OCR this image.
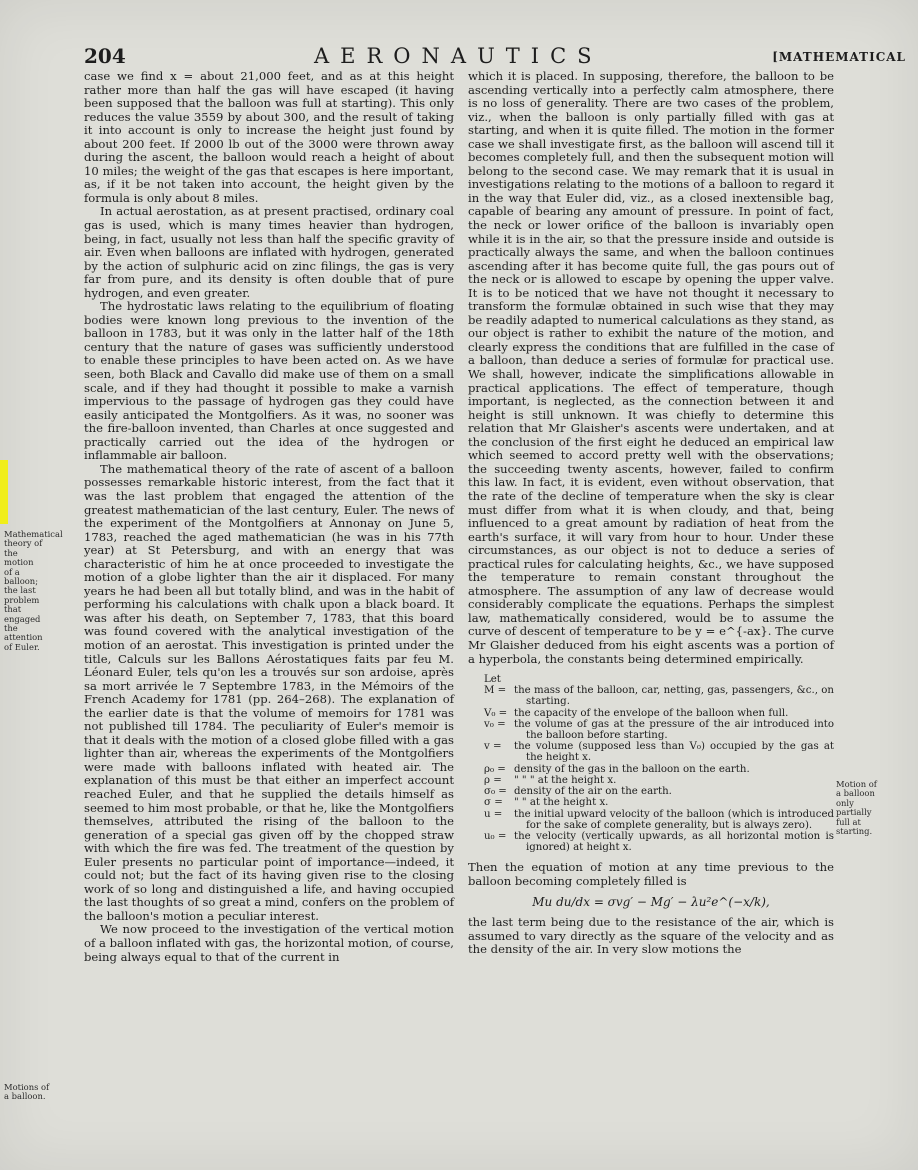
204	AERONAUTICS	[MATHEMATICAL
Mathematical theory of the motion of a balloon; the last problem that engaged the attention of Euler.
Motions of a balloon.
Motion of a balloon only partially full at starting.

case we find x = about 21,000 feet, and as at this height rather more than half the gas will have escaped (it having been supposed that the balloon was full at starting). This only reduces the value 3559 by about 300, and the result of taking it into account is only to increase the height just found by about 200 feet. If 2000 lb out of the 3000 were thrown away during the ascent, the balloon would reach a height of about 10 miles; the weight of the gas that escapes is here important, as, if it be not taken into account, the height given by the formula is only about 8 miles.

In actual aerostation, as at present practised, ordinary coal gas is used, which is many times heavier than hydrogen, being, in fact, usually not less than half the specific gravity of air. Even when balloons are inflated with hydrogen, generated by the action of sulphuric acid on zinc filings, the gas is very far from pure, and its density is often double that of pure hydrogen, and even greater.

The hydrostatic laws relating to the equilibrium of floating bodies were known long previous to the invention of the balloon in 1783, but it was only in the latter half of the 18th century that the nature of gases was sufficiently understood to enable these principles to have been acted on. As we have seen, both Black and Cavallo did make use of them on a small scale, and if they had thought it possible to make a varnish impervious to the passage of hydrogen gas they could have easily anticipated the Montgolfiers. As it was, no sooner was the fire-balloon invented, than Charles at once suggested and practically carried out the idea of the hydrogen or inflammable air balloon.

The mathematical theory of the rate of ascent of a balloon possesses remarkable historic interest, from the fact that it was the last problem that engaged the attention of the greatest mathematician of the last century, Euler. The news of the experiment of the Montgolfiers at Annonay on June 5, 1783, reached the aged mathematician (he was in his 77th year) at St Petersburg, and with an energy that was characteristic of him he at once proceeded to investigate the motion of a globe lighter than the air it displaced. For many years he had been all but totally blind, and was in the habit of performing his calculations with chalk upon a black board. It was after his death, on September 7, 1783, that this board was found covered with the analytical investigation of the motion of an aerostat. This investigation is printed under the title, Calculs sur les Ballons Aérostatiques faits par feu M. Léonard Euler, tels qu'on les a trouvés sur son ardoise, après sa mort arrivée le 7 Septembre 1783, in the Mémoirs of the French Academy for 1781 (pp. 264–268). The explanation of the earlier date is that the volume of memoirs for 1781 was not published till 1784. The peculiarity of Euler's memoir is that it deals with the motion of a closed globe filled with a gas lighter than air, whereas the experiments of the Montgolfiers were made with balloons inflated with heated air. The explanation of this must be that either an imperfect account reached Euler, and that he supplied the details himself as seemed to him most probable, or that he, like the Montgolfiers themselves, attributed the rising of the balloon to the generation of a special gas given off by the chopped straw with which the fire was fed. The treatment of the question by Euler presents no particular point of importance—indeed, it could not; but the fact of its having given rise to the closing work of so long and distinguished a life, and having occupied the last thoughts of so great a mind, confers on the problem of the balloon's motion a peculiar interest.

We now proceed to the investigation of the vertical motion of a balloon inflated with gas, the horizontal motion, of course, being always equal to that of the current in

which it is placed. In supposing, therefore, the balloon to be ascending vertically into a perfectly calm atmosphere, there is no loss of generality. There are two cases of the problem, viz., when the balloon is only partially filled with gas at starting, and when it is quite filled. The motion in the former case we shall investigate first, as the balloon will ascend till it becomes completely full, and then the subsequent motion will belong to the second case. We may remark that it is usual in investigations relating to the motions of a balloon to regard it in the way that Euler did, viz., as a closed inextensible bag, capable of bearing any amount of pressure. In point of fact, the neck or lower orifice of the balloon is invariably open while it is in the air, so that the pressure inside and outside is practically always the same, and when the balloon continues ascending after it has become quite full, the gas pours out of the neck or is allowed to escape by opening the upper valve. It is to be noticed that we have not thought it necessary to transform the formulæ obtained in such wise that they may be readily adapted to numerical calculations as they stand, as our object is rather to exhibit the nature of the motion, and clearly express the conditions that are fulfilled in the case of a balloon, than deduce a series of formulæ for practical use. We shall, however, indicate the simplifications allowable in practical applications. The effect of temperature, though important, is neglected, as the connection between it and height is still unknown. It was chiefly to determine this relation that Mr Glaisher's ascents were undertaken, and at the conclusion of the first eight he deduced an empirical law which seemed to accord pretty well with the observations; the succeeding twenty ascents, however, failed to confirm this law. In fact, it is evident, even without observation, that the rate of the decline of temperature when the sky is clear must differ from what it is when cloudy, and that, being influenced to a great amount by radiation of heat from the earth's surface, it will vary from hour to hour. Under these circumstances, as our object is not to deduce a series of practical rules for calculating heights, &c., we have supposed the temperature to remain constant throughout the atmosphere. The assumption of any law of decrease would considerably complicate the equations. Perhaps the simplest law, mathematically considered, would be to assume the curve of descent of temperature to be y = e^{-ax}. The curve Mr Glaisher deduced from his eight ascents was a portion of a hyperbola, the constants being determined empirically.

Let
M = the mass of the balloon, car, netting, gas, passengers, &c., on starting.
V₀ = the capacity of the envelope of the balloon when full.
v₀ = the volume of gas at the pressure of the air introduced into the balloon before starting.
v =	the volume (supposed less than V₀) occupied by the gas at the height x.
ρ₀ = density of the gas in the balloon on the earth.
ρ =	" " " at the height x.
σ₀ = density of the air on the earth.
σ =	" " at the height x.
u =	the initial upward velocity of the balloon (which is introduced for the sake of complete generality, but is always zero).
u₀ = the velocity (vertically upwards, as all horizontal motion is ignored) at height x.

Then the equation of motion at any time previous to the balloon becoming completely filled is

Mu du/dx = σvg′ − Mg′ − λu²e^(−x/k),

the last term being due to the resistance of the air, which is assumed to vary directly as the square of the velocity and as the density of the air. In very slow motions the
